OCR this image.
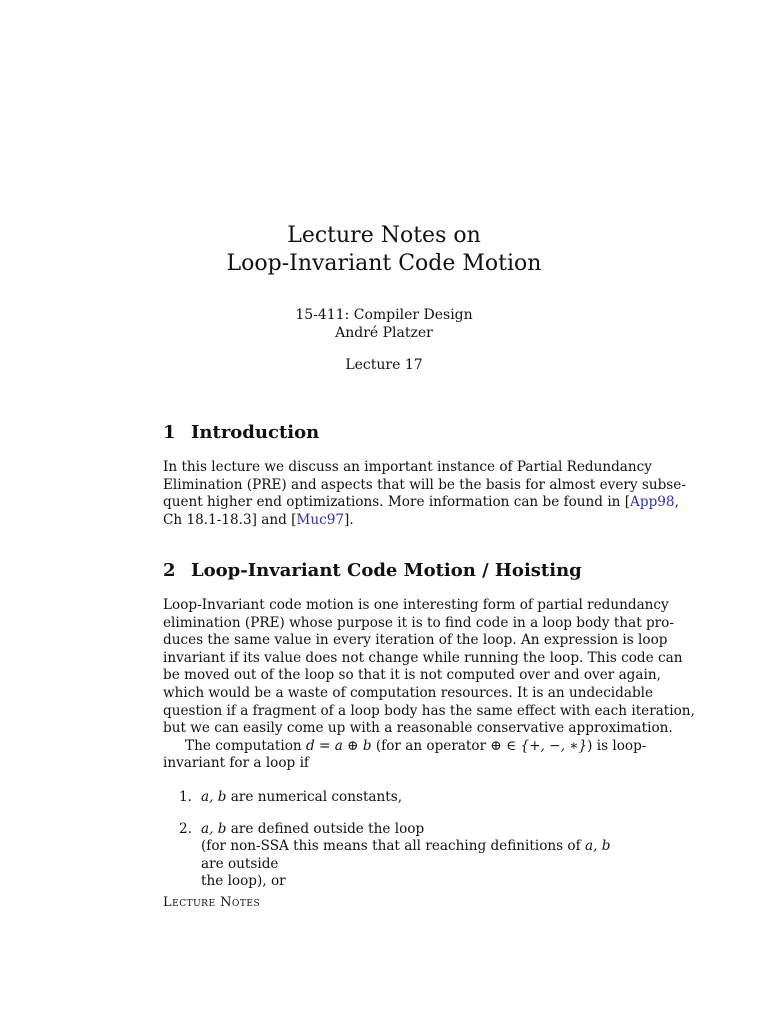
Lecture Notes on
Loop-Invariant Code Motion
15-411: Compiler Design
André Platzer
Lecture 17
1 Introduction
In this lecture we discuss an important instance of Partial Redundancy
Elimination (PRE) and aspects that will be the basis for almost every subse-
quent higher end optimizations. More information can be found in [App98,
Ch 18.1-18.3] and [Muc97].
2 Loop-Invariant Code Motion / Hoisting
Loop-Invariant code motion is one interesting form of partial redundancy
elimination (PRE) whose purpose it is to find code in a loop body that pro-
duces the same value in every iteration of the loop. An expression is loop
invariant if its value does not change while running the loop. This code can
be moved out of the loop so that it is not computed over and over again,
which would be a waste of computation resources. It is an undecidable
question if a fragment of a loop body has the same effect with each iteration,
but we can easily come up with a reasonable conservative approximation.
The computation d = a ⊕ b (for an operator ⊕ ∈ {+, −, ∗}) is loop-
invariant for a loop if
1. a, b are numerical constants,
2. a, b are defined outside the loop
(for non-SSA this means that all reaching definitions of a, b are outside
the loop), or
Lecture Notes
